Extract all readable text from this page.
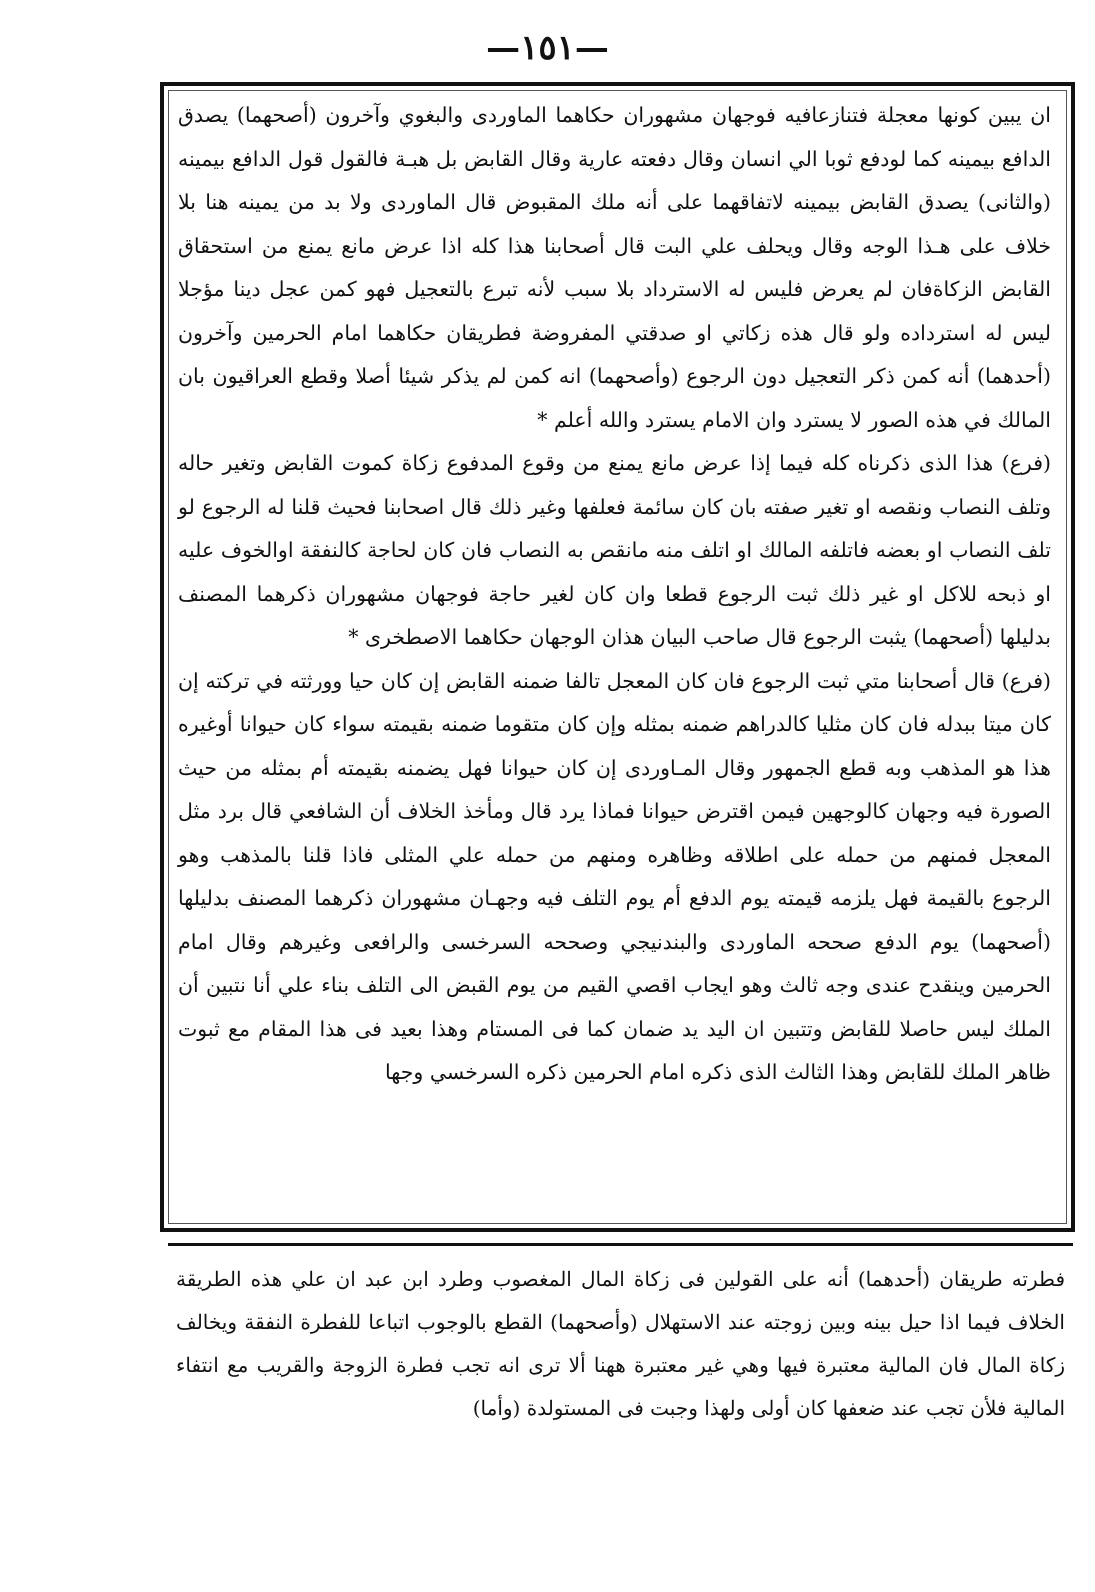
—١٥١—

ان يبين كونها معجلة فتنازعافيه فوجهان مشهوران حكاهما الماوردى والبغوي وآخرون (أصحهما) يصدق الدافع بيمينه كما لودفع ثوبا الي انسان وقال دفعته عارية وقال القابض بل هبـة فالقول قول الدافع بيمينه (والثانى) يصدق القابض بيمينه لاتفاقهما على أنه ملك المقبوض قال الماوردى ولا بد من يمينه هنا بلا خلاف على هـذا الوجه وقال ويحلف علي البت قال أصحابنا هذا كله اذا عرض مانع يمنع من استحقاق القابض الزكاةفان لم يعرض فليس له الاسترداد بلا سبب لأنه تبرع بالتعجيل فهو كمن عجل دينا مؤجلا ليس له استرداده ولو قال هذه زكاتي او صدقتي المفروضة فطريقان حكاهما امام الحرمين وآخرون (أحدهما) أنه كمن ذكر التعجيل دون الرجوع (وأصحهما) انه كمن لم يذكر شيئا أصلا وقطع العراقيون بان المالك في هذه الصور لا يسترد وان الامام يسترد والله أعلم *

(فرع) هذا الذى ذكرناه كله فيما إذا عرض مانع يمنع من وقوع المدفوع زكاة كموت القابض وتغير حاله وتلف النصاب ونقصه او تغير صفته بان كان سائمة فعلفها وغير ذلك قال اصحابنا فحيث قلنا له الرجوع لو تلف النصاب او بعضه فاتلفه المالك او اتلف منه مانقص به النصاب فان كان لحاجة كالنفقة اوالخوف عليه او ذبحه للاكل او غير ذلك ثبت الرجوع قطعا وان كان لغير حاجة فوجهان مشهوران ذكرهما المصنف بدليلها (أصحهما) يثبت الرجوع قال صاحب البيان هذان الوجهان حكاهما الاصطخرى *

(فرع) قال أصحابنا متي ثبت الرجوع فان كان المعجل تالفا ضمنه القابض إن كان حيا وورثته في تركته إن كان ميتا ببدله فان كان مثليا كالدراهم ضمنه بمثله وإن كان متقوما ضمنه بقيمته سواء كان حيوانا أوغيره هذا هو المذهب وبه قطع الجمهور وقال المـاوردى إن كان حيوانا فهل يضمنه بقيمته أم بمثله من حيث الصورة فيه وجهان كالوجهين فيمن اقترض حيوانا فماذا يرد قال ومأخذ الخلاف أن الشافعي قال برد مثل المعجل فمنهم من حمله على اطلاقه وظاهره ومنهم من حمله علي المثلى فاذا قلنا بالمذهب وهو الرجوع بالقيمة فهل يلزمه قيمته يوم الدفع أم يوم التلف فيه وجهـان مشهوران ذكرهما المصنف بدليلها (أصحهما) يوم الدفع صححه الماوردى والبندنيجي وصححه السرخسى والرافعى وغيرهم وقال امام الحرمين وينقدح عندى وجه ثالث وهو ايجاب اقصي القيم من يوم القبض الى التلف بناء علي أنا نتبين أن الملك ليس حاصلا للقابض وتتبين ان اليد يد ضمان كما فى المستام وهذا بعيد فى هذا المقام مع ثبوت ظاهر الملك للقابض وهذا الثالث الذى ذكره امام الحرمين ذكره السرخسي وجها

فطرته طريقان (أحدهما) أنه على القولين فى زكاة المال المغصوب وطرد ابن عبد ان علي هذه الطريقة الخلاف فيما اذا حيل بينه وبين زوجته عند الاستهلال (وأصحهما) القطع بالوجوب اتباعا للفطرة النفقة ويخالف زكاة المال فان المالية معتبرة فيها وهي غير معتبرة ههنا ألا ترى انه تجب فطرة الزوجة والقريب مع انتفاء المالية فلأن تجب عند ضعفها كان أولى ولهذا وجبت فى المستولدة (وأما)
